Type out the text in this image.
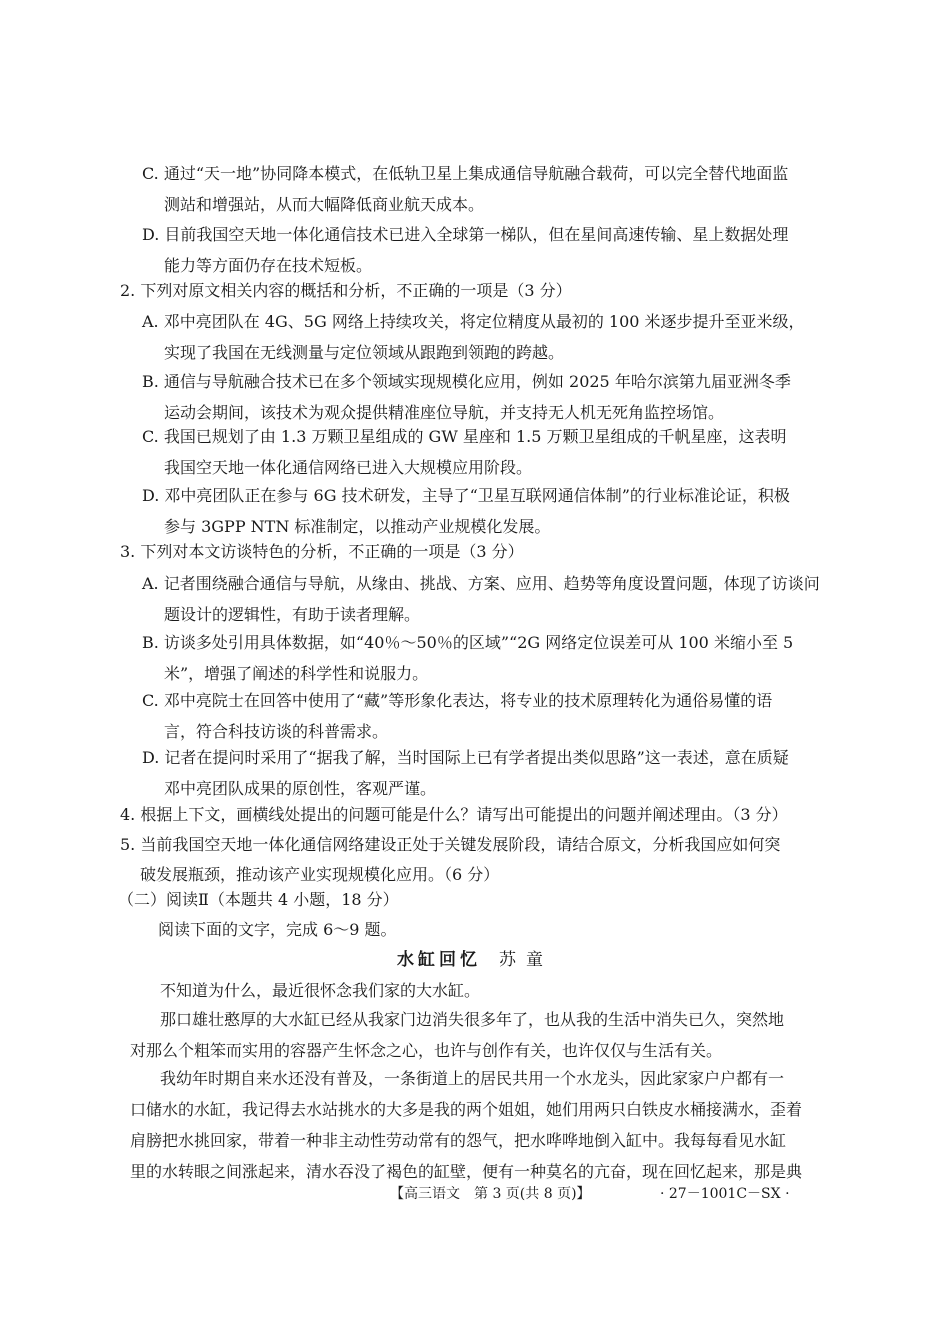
C. 通过“天一地”协同降本模式，在低轨卫星上集成通信导航融合载荷，可以完全替代地面监
测站和增强站，从而大幅降低商业航天成本。
D. 目前我国空天地一体化通信技术已进入全球第一梯队，但在星间高速传输、星上数据处理
能力等方面仍存在技术短板。
2. 下列对原文相关内容的概括和分析，不正确的一项是（3 分）
A. 邓中亮团队在 4G、5G 网络上持续攻关，将定位精度从最初的 100 米逐步提升至亚米级，
实现了我国在无线测量与定位领域从跟跑到领跑的跨越。
B. 通信与导航融合技术已在多个领域实现规模化应用，例如 2025 年哈尔滨第九届亚洲冬季
运动会期间，该技术为观众提供精准座位导航，并支持无人机无死角监控场馆。
C. 我国已规划了由 1.3 万颗卫星组成的 GW 星座和 1.5 万颗卫星组成的千帆星座，这表明
我国空天地一体化通信网络已进入大规模应用阶段。
D. 邓中亮团队正在参与 6G 技术研发，主导了“卫星互联网通信体制”的行业标准论证，积极
参与 3GPP NTN 标准制定，以推动产业规模化发展。
3. 下列对本文访谈特色的分析，不正确的一项是（3 分）
A. 记者围绕融合通信与导航，从缘由、挑战、方案、应用、趋势等角度设置问题，体现了访谈问
题设计的逻辑性，有助于读者理解。
B. 访谈多处引用具体数据，如“40％～50％的区域”“2G 网络定位误差可从 100 米缩小至 5
米”，增强了阐述的科学性和说服力。
C. 邓中亮院士在回答中使用了“藏”等形象化表达，将专业的技术原理转化为通俗易懂的语
言，符合科技访谈的科普需求。
D. 记者在提问时采用了“据我了解，当时国际上已有学者提出类似思路”这一表述，意在质疑
邓中亮团队成果的原创性，客观严谨。
4. 根据上下文，画横线处提出的问题可能是什么？请写出可能提出的问题并阐述理由。（3 分）
5. 当前我国空天地一体化通信网络建设正处于关键发展阶段，请结合原文，分析我国应如何突
破发展瓶颈，推动该产业实现规模化应用。（6 分）
（二）阅读Ⅱ（本题共 4 小题，18 分）
阅读下面的文字，完成 6～9 题。
水缸回忆 苏童
不知道为什么，最近很怀念我们家的大水缸。
那口雄壮憨厚的大水缸已经从我家门边消失很多年了，也从我的生活中消失已久，突然地
对那么个粗笨而实用的容器产生怀念之心，也许与创作有关，也许仅仅与生活有关。
我幼年时期自来水还没有普及，一条街道上的居民共用一个水龙头，因此家家户户都有一
口储水的水缸，我记得去水站挑水的大多是我的两个姐姐，她们用两只白铁皮水桶接满水，歪着
肩膀把水挑回家，带着一种非主动性劳动常有的怨气，把水哗哗地倒入缸中。我每每看见水缸
里的水转眼之间涨起来，清水吞没了褐色的缸壁，便有一种莫名的亢奋，现在回忆起来，那是典
【高三语文　第 3 页(共 8 页)】	· 27－1001C－SX ·
